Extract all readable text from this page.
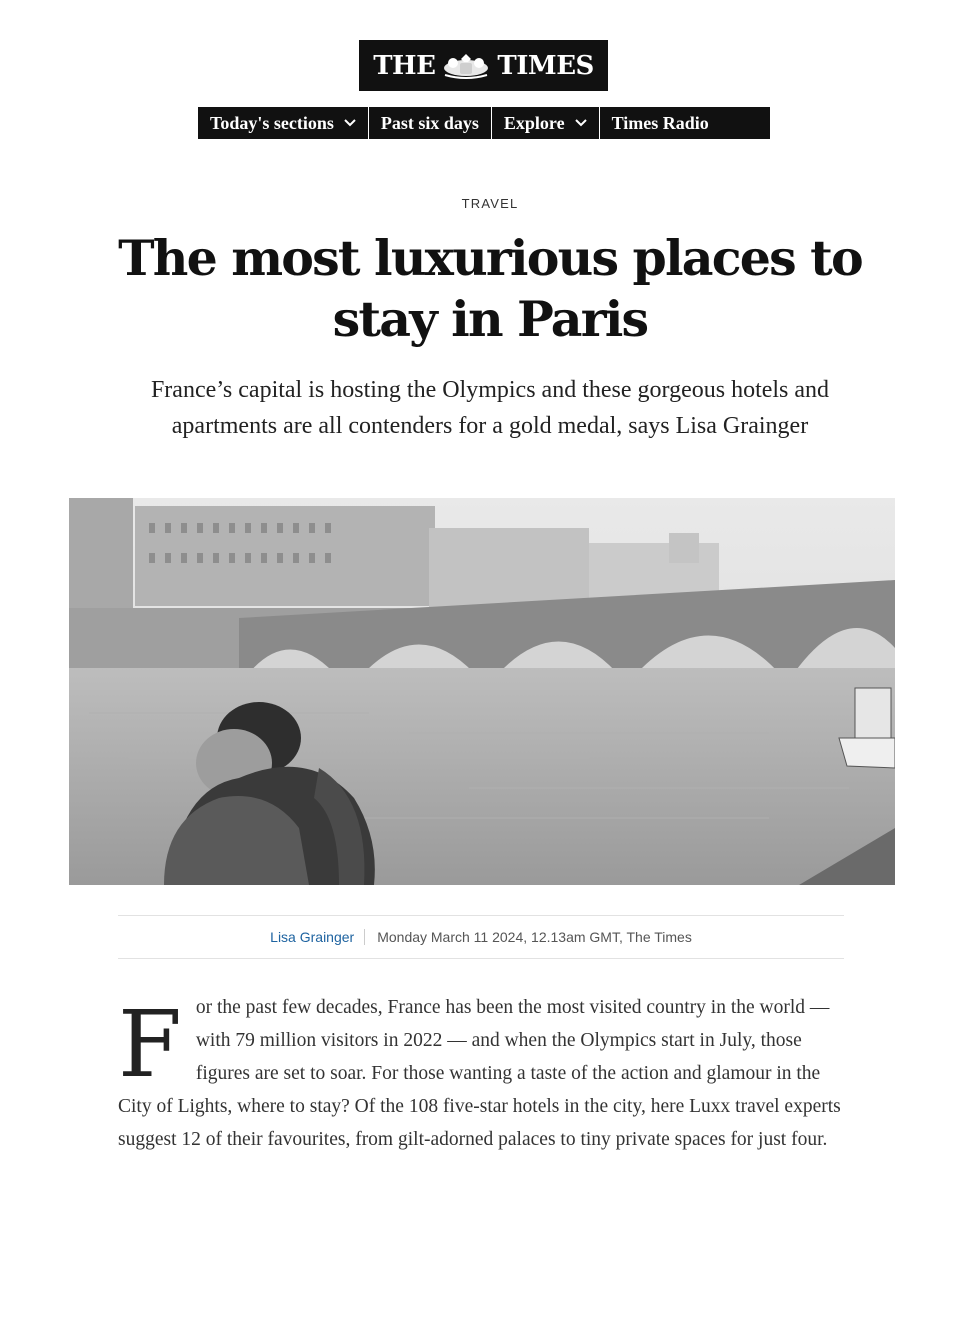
THE TIMES
Today's sections	Past six days Explore	Times Radio
TRAVEL
The most luxurious places to stay in Paris

France’s capital is hosting the Olympics and these gorgeous hotels and apartments are all contenders for a gold medal, says Lisa Grainger

Lisa Grainger	Monday March 11 2024, 12.13am GMT, The Times

For the past few decades, France has been the most visited country in the world — with 79 million visitors in 2022 — and when the Olympics start in July, those figures are set to soar. For those wanting a taste of the action and glamour in the City of Lights, where to stay? Of the 108 five-star hotels in the city, here Luxx travel experts suggest 12 of their favourites, from gilt-adorned palaces to tiny private spaces for just four.
